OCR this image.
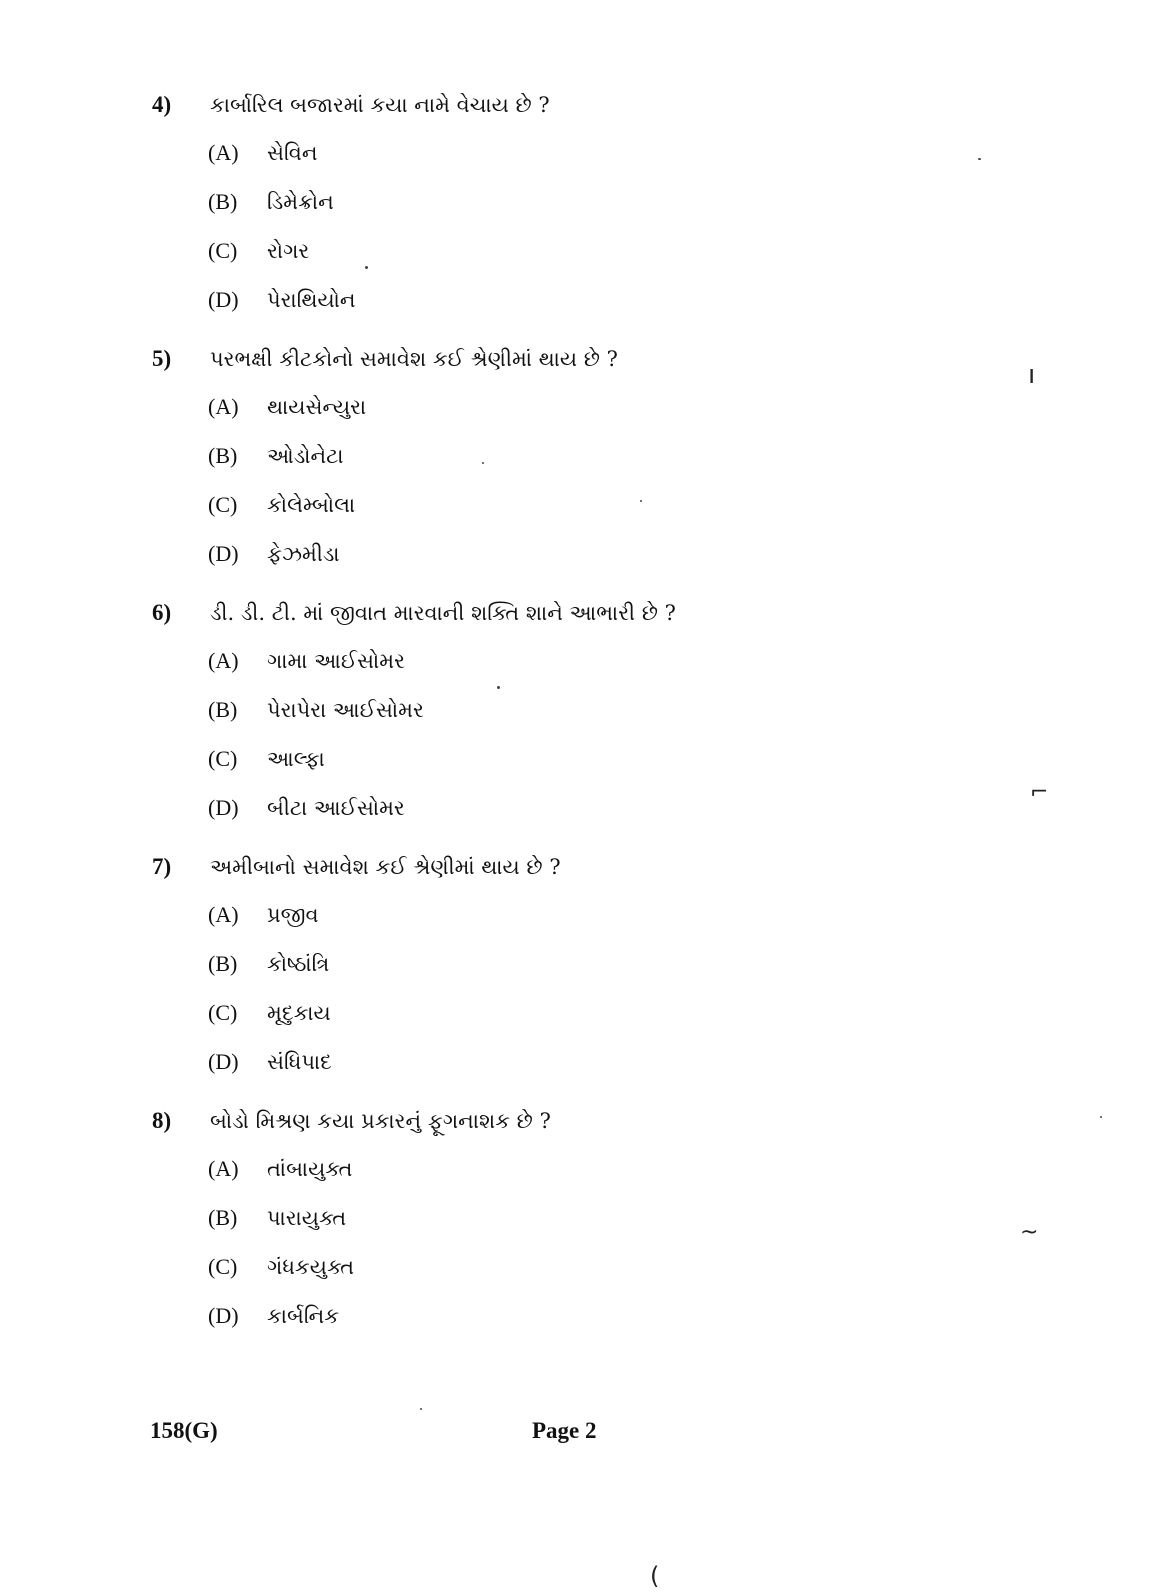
4) કાર્બારિલ બજારમાં કયા નામે વેચાય છે ?
(A) સેવિન
(B) ડિમેક્રોન
(C) રોગર
(D) પેરાથિયોન
5) પરભક્ષી કીટકોનો સમાવેશ કઈ શ્રેણીમાં થાય છે ?
(A) થાયસેન્યુરા
(B) ઓડોનેટા
(C) કોલેમ્બોલા
(D) ફેઝમીડા
6) ડી. ડી. ટી. માં જીવાત મારવાની શક્તિ શાને આભારી છે ?
(A) ગામા આઈસોમર
(B) પેરાપેરા આઈસોમર
(C) આલ્ફા
(D) બીટા આઈસોમર
7) અમીબાનો સમાવેશ કઈ શ્રેણીમાં થાય છે ?
(A) પ્રજીવ
(B) કોષ્ઠાંત્રિ
(C) મૃદુકાય
(D) સંધિપાદ
8) બોડો મિશ્રણ કયા પ્રકારનું ફૂગનાશક છે ?
(A) તાંબાયુક્ત
(B) પારાયુક્ત
(C) ગંધકયુક્ત
(D) કાર્બનિક
158(G)	Page 2
ı
⌐
~
(
